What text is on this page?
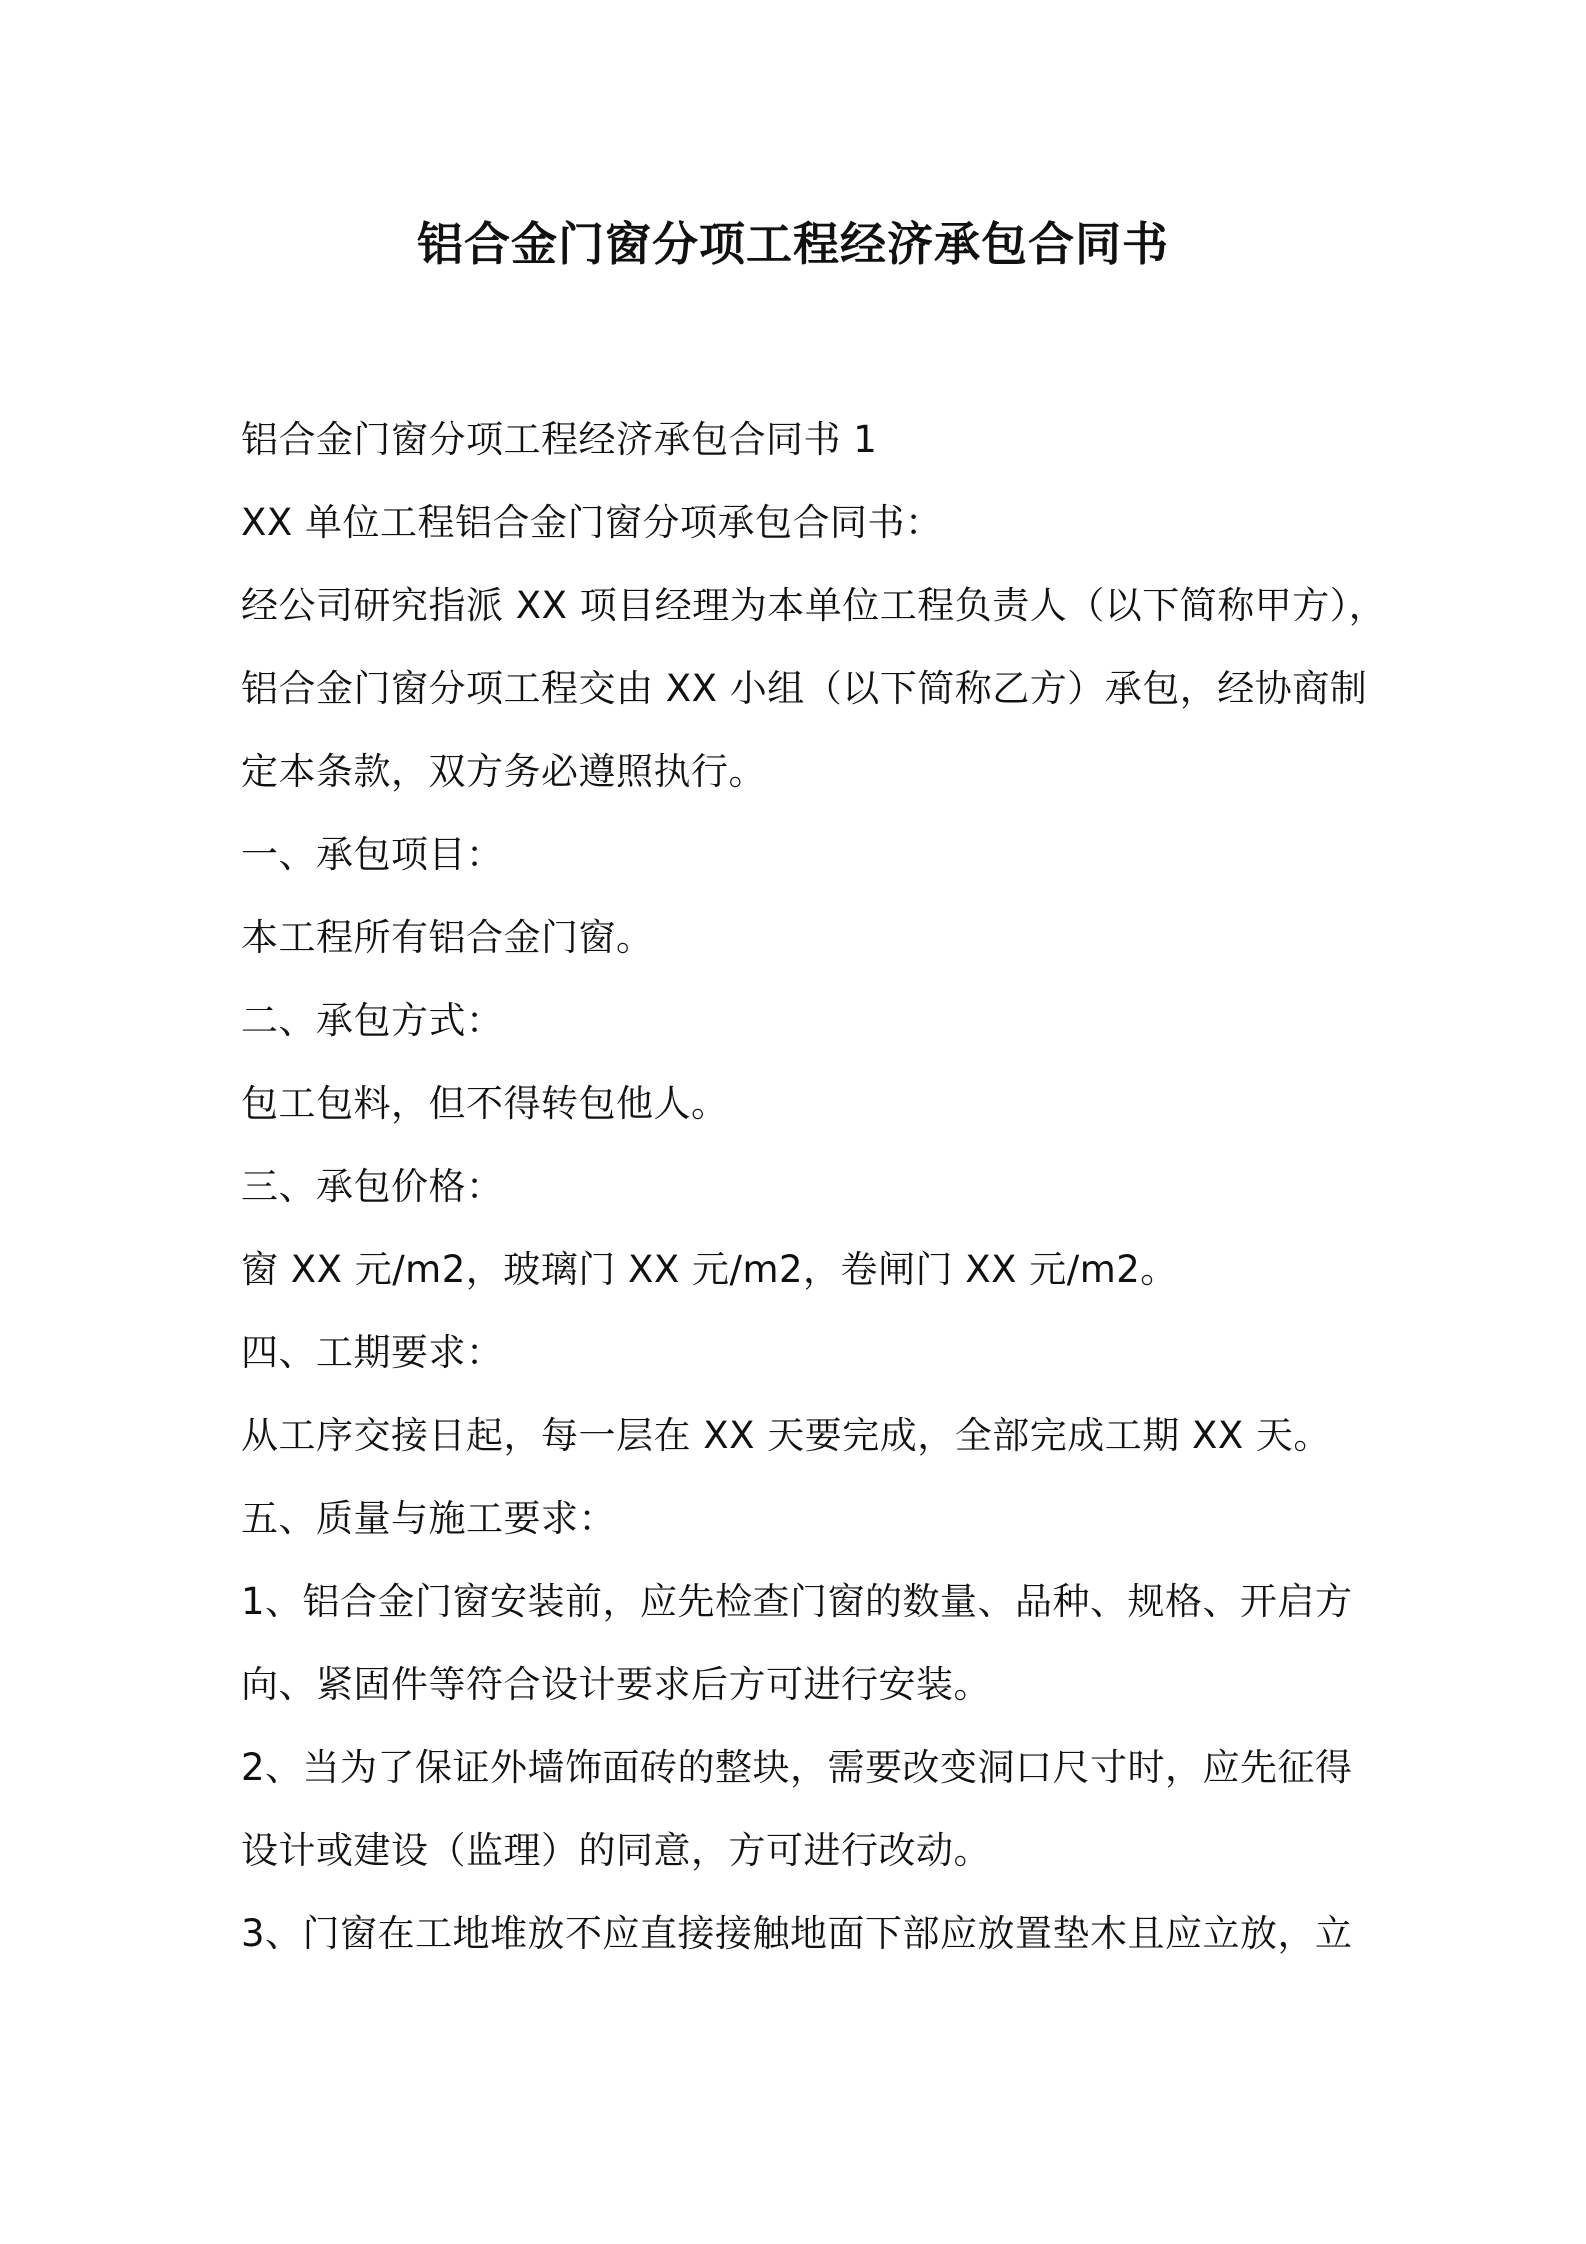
铝合金门窗分项工程经济承包合同书
铝合金门窗分项工程经济承包合同书 1
XX 单位工程铝合金门窗分项承包合同书：
经公司研究指派 XX 项目经理为本单位工程负责人（以下简称甲方），
铝合金门窗分项工程交由 XX 小组（以下简称乙方）承包，经协商制
定本条款，双方务必遵照执行。
一、承包项目：
本工程所有铝合金门窗。
二、承包方式：
包工包料，但不得转包他人。
三、承包价格：
窗 XX 元/m2，玻璃门 XX 元/m2，卷闸门 XX 元/m2。
四、工期要求：
从工序交接日起，每一层在 XX 天要完成，全部完成工期 XX 天。
五、质量与施工要求：
1、铝合金门窗安装前，应先检查门窗的数量、品种、规格、开启方
向、紧固件等符合设计要求后方可进行安装。
2、当为了保证外墙饰面砖的整块，需要改变洞口尺寸时，应先征得
设计或建设（监理）的同意，方可进行改动。
3、门窗在工地堆放不应直接接触地面下部应放置垫木且应立放，立
